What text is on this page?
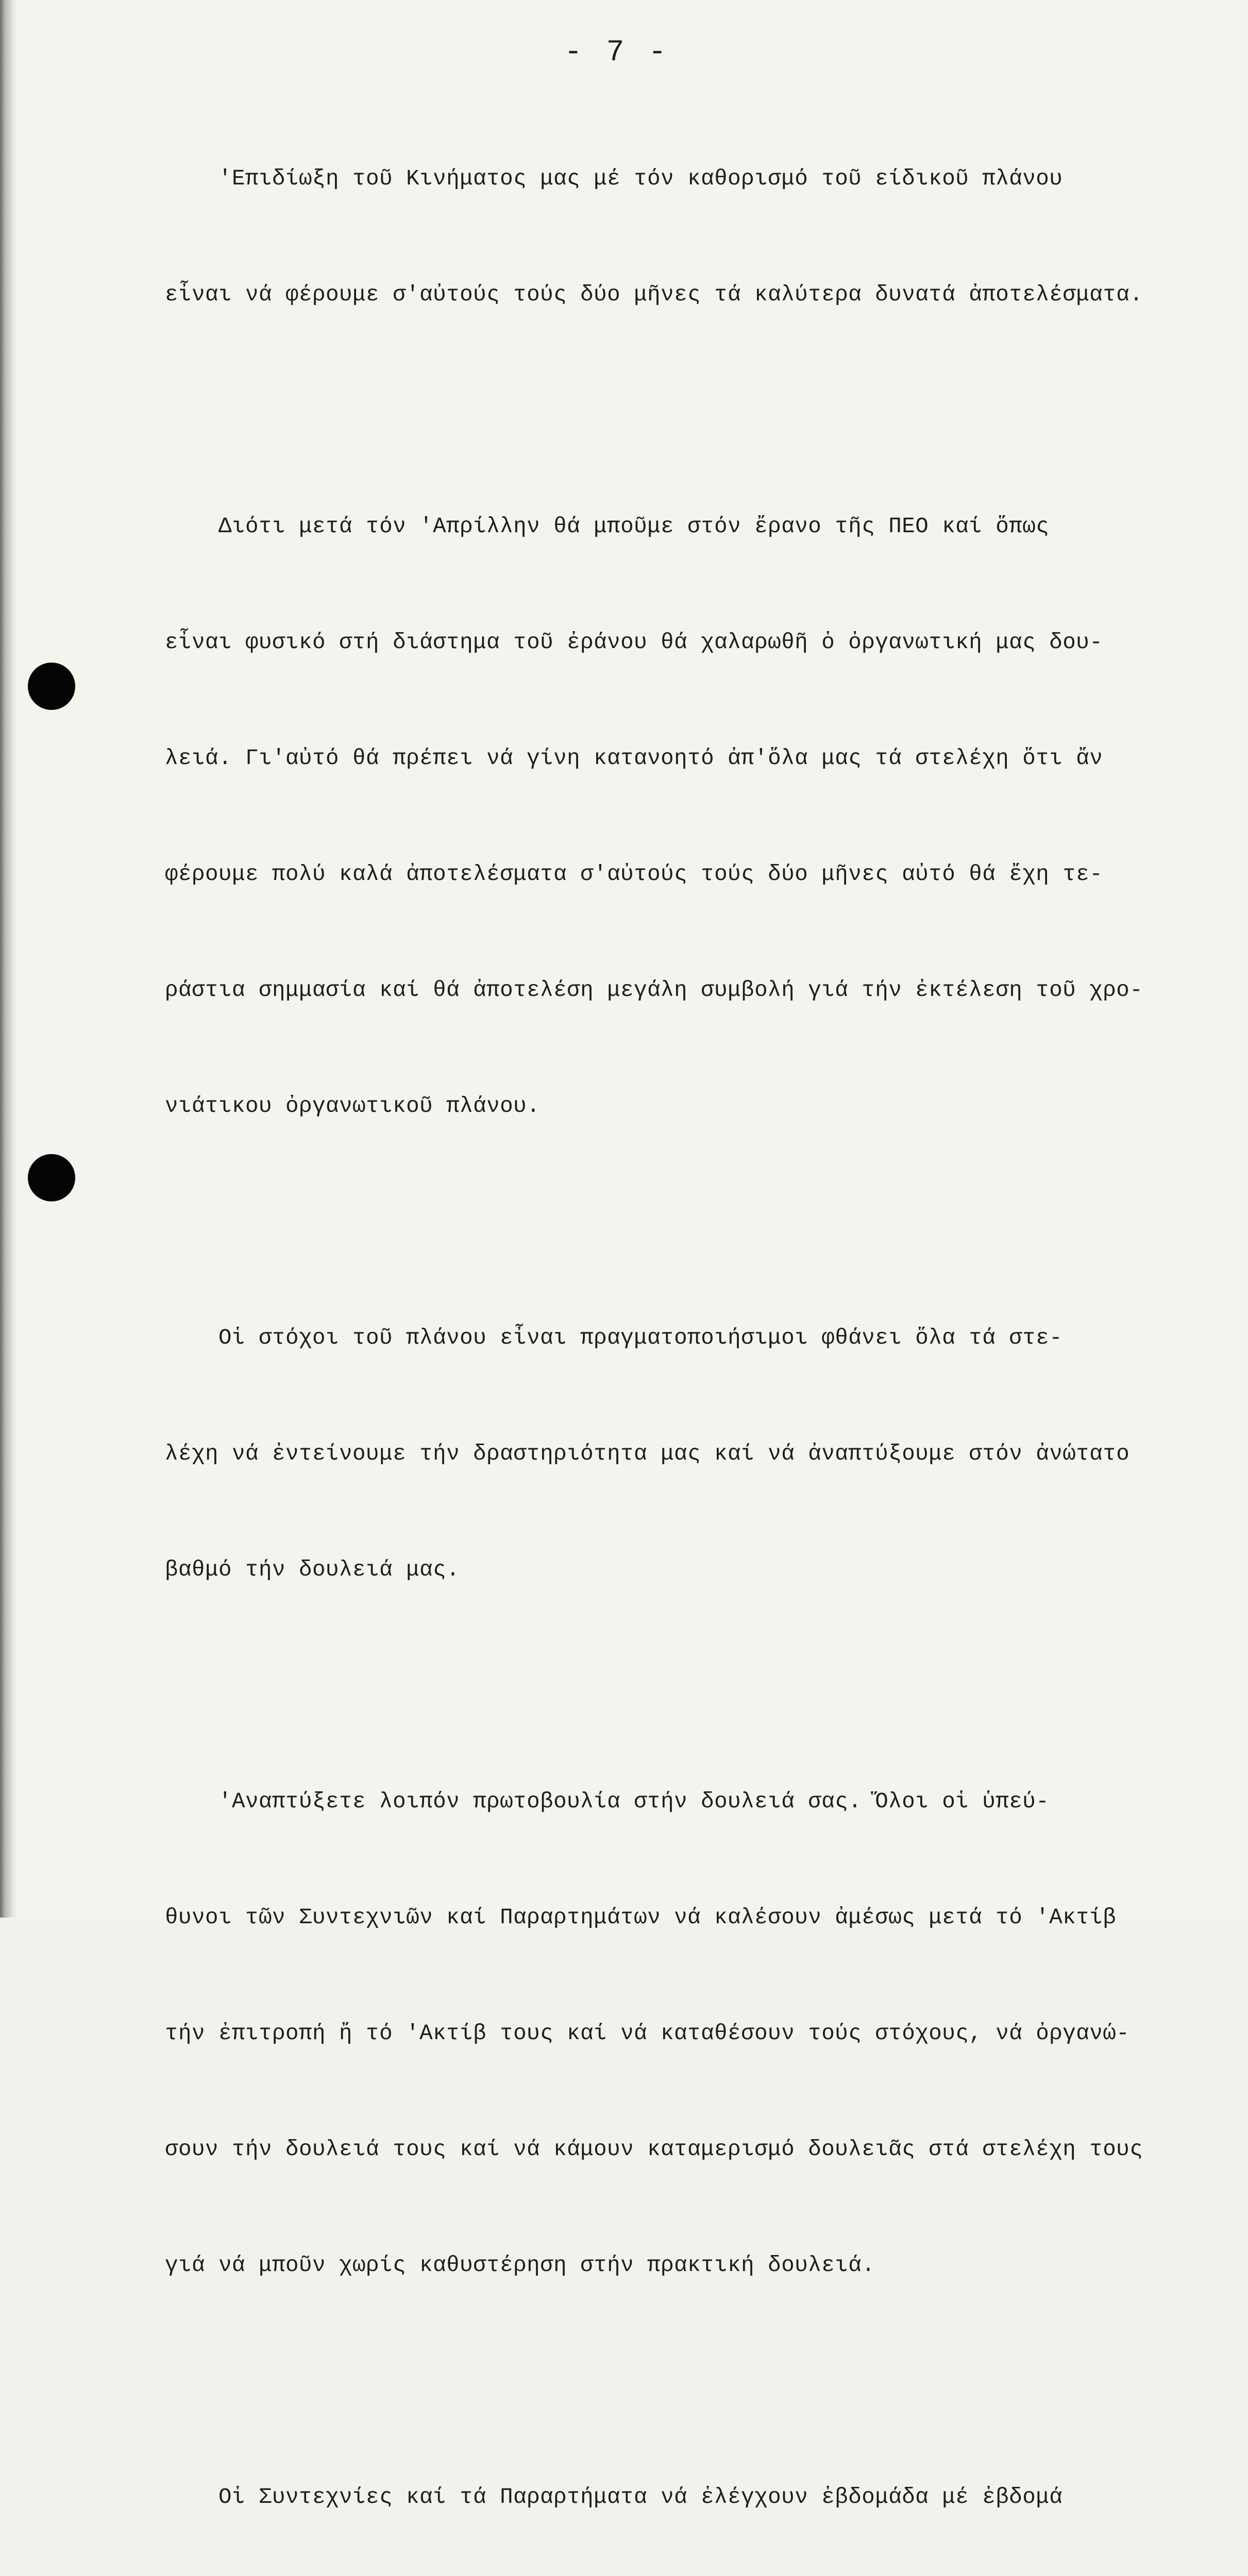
- 7 -

'Επιδίωξη τοῦ Κινήματος μας μέ τόν καθορισμό τοῦ είδικοῦ πλάνου

εἶναι νά φέρουμε σ'αὐτούς τούς δύο μῆνες τά καλύτερα δυνατά ἀποτελέσματα.

Διότι μετά τόν 'Απρίλλην θά μποῦμε στόν ἔρανο τῆς ΠΕΟ καί ὅπως

εἶναι φυσικό στή διάστημα τοῦ ἐράνου θά χαλαρωθῆ ὁ ὀργανωτική μας δου-

λειά. Γι'αὐτό θά πρέπει νά γίνη κατανοητό ἀπ'ὅλα μας τά στελέχη ὅτι ἄν

φέρουμε πολύ καλά ἀποτελέσματα σ'αὐτούς τούς δύο μῆνες αὐτό θά ἔχη τε-

ράστια σημμασία καί θά ἀποτελέση μεγάλη συμβολή γιά τήν ἐκτέλεση τοῦ χρο-

νιάτικου ὀργανωτικοῦ πλάνου.

Οἱ στόχοι τοῦ πλάνου εἶναι πραγματοποιήσιμοι φθάνει ὅλα τά στε-

λέχη νά ἐντείνουμε τήν δραστηριότητα μας καί νά ἀναπτύξουμε στόν ἀνώτατο

βαθμό τήν δουλειά μας.

'Αναπτύξετε λοιπόν πρωτοβουλία στήν δουλειά σας. Ὅλοι οἱ ὑπεύ-

θυνοι τῶν Συντεχνιῶν καί Παραρτημάτων νά καλέσουν ἀμέσως μετά τό 'Ακτίβ

τήν ἐπιτροπή ἤ τό 'Ακτίβ τους καί νά καταθέσουν τούς στόχους, νά ὀργανώ-

σουν τήν δουλειά τους καί νά κάμουν καταμερισμό δουλειᾶς στά στελέχη τους

γιά νά μποῦν χωρίς καθυστέρηση στήν πρακτική δουλειά.

Οἱ Συντεχνίες καί τά Παραρτήματα νά ἐλέγχουν ἑβδομάδα μέ ἑβδομά
